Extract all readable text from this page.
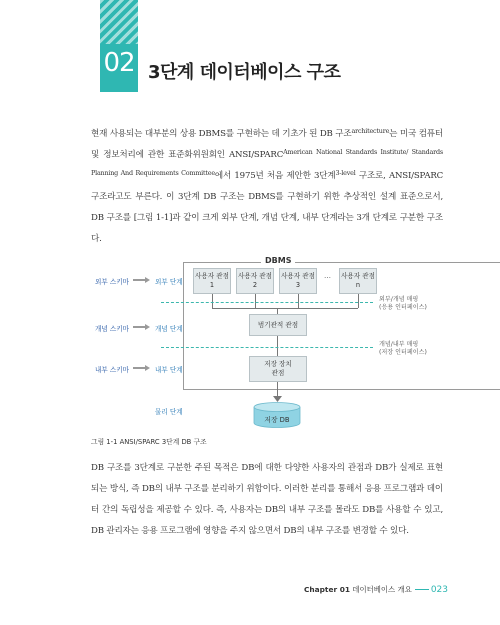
02 3단계 데이터베이스 구조

현재 사용되는 대부분의 상용 DBMS를 구현하는 데 기초가 된 DB 구조$^{architecture}$는 미국 컴퓨터 및 정보처리에 관한 표준화위원회인 ANSI/$SPARC^{American National Standards Institute/ Standards Planning And Requirements Committee}$에서 1975년 처음 제안한 3단계$^{3-level}$ 구조로, ANSI/SPARC 구조라고도 부른다. 이 3단계 DB 구조는 DBMS를 구현하기 위한 추상적인 설계 표준으로서, DB 구조를 [그림 1-1]과 같이 크게 외부 단계, 개념 단계, 내부 단계라는 3개 단계로 구분한 구조다.

DBMS
외부 스키마	외부 단계
개념 스키마	개념 단계
내부 스키마	내부 단계
물리 단계
사용자 관점 1
사용자 관점 2
사용자 관점 3
…	사용자 관점 n
외부/개념 매핑
(응용 인터페이스)
범기관적 관점
개념/내부 매핑
(저장 인터페이스)
저장 장치
관점
저장 DB
그림 1-1 ANSI/SPARC 3단계 DB 구조

DB 구조를 3단계로 구분한 주된 목적은 DB에 대한 다양한 사용자의 관점과 DB가 실제로 표현되는 방식, 즉 DB의 내부 구조를 분리하기 위함이다. 이러한 분리를 통해서 응용 프로그램과 데이터 간의 독립성을 제공할 수 있다. 즉, 사용자는 DB의 내부 구조를 몰라도 DB를 사용할 수 있고, DB 관리자는 응용 프로그램에 영향을 주지 않으면서 DB의 내부 구조를 변경할 수 있다.

Chapter 01 데이터베이스 개요 023
